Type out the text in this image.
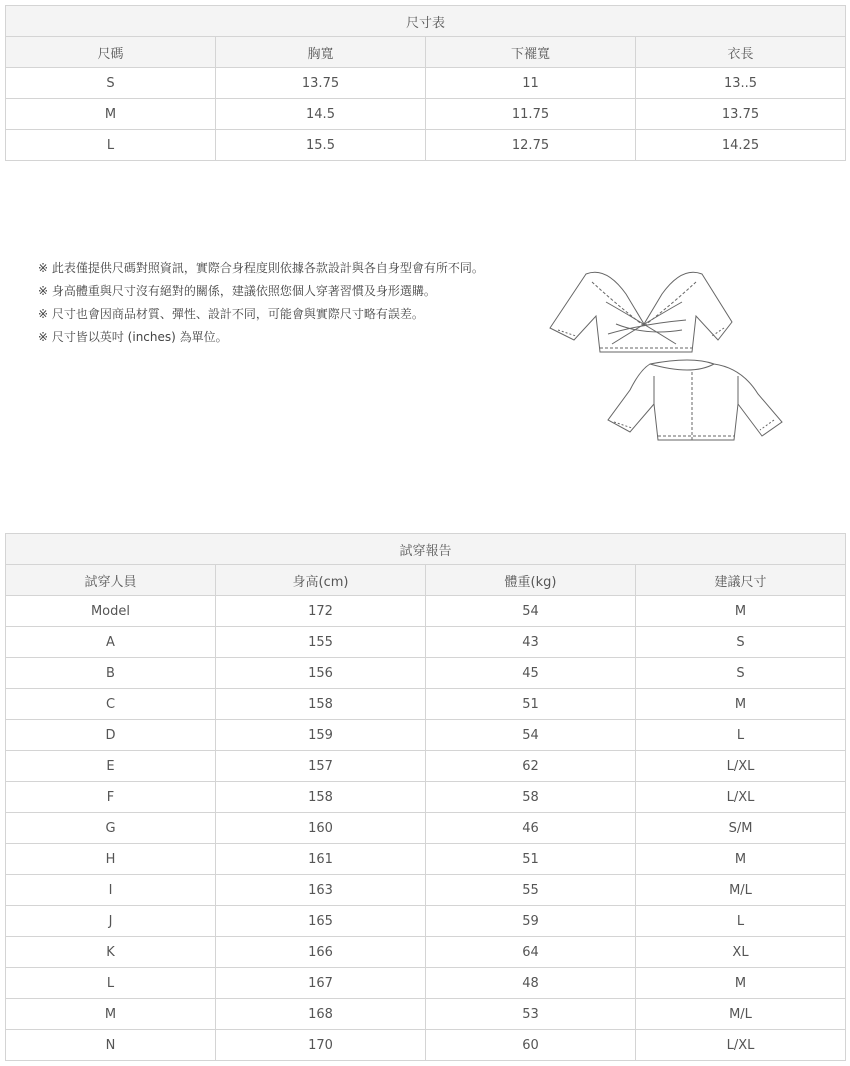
尺寸表			
尺碼	胸寬	下襬寬	衣長
S	13.75	11	13..5
M	14.5	11.75	13.75
L	15.5	12.75	14.25
※ 此表僅提供尺碼對照資訊，實際合身程度則依據各款設計與各自身型會有所不同。
※ 身高體重與尺寸沒有絕對的關係，建議依照您個人穿著習慣及身形選購。
※ 尺寸也會因商品材質、彈性、設計不同，可能會與實際尺寸略有誤差。
※ 尺寸皆以英吋 (inches) 為單位。
試穿報告			
試穿人員	身高(cm)	體重(kg)	建議尺寸
Model	172	54	M
A	155	43	S
B	156	45	S
C	158	51	M
D	159	54	L
E	157	62	L/XL
F	158	58	L/XL
G	160	46	S/M
H	161	51	M
I	163	55	M/L
J	165	59	L
K	166	64	XL
L	167	48	M
M	168	53	M/L
N	170	60	L/XL
